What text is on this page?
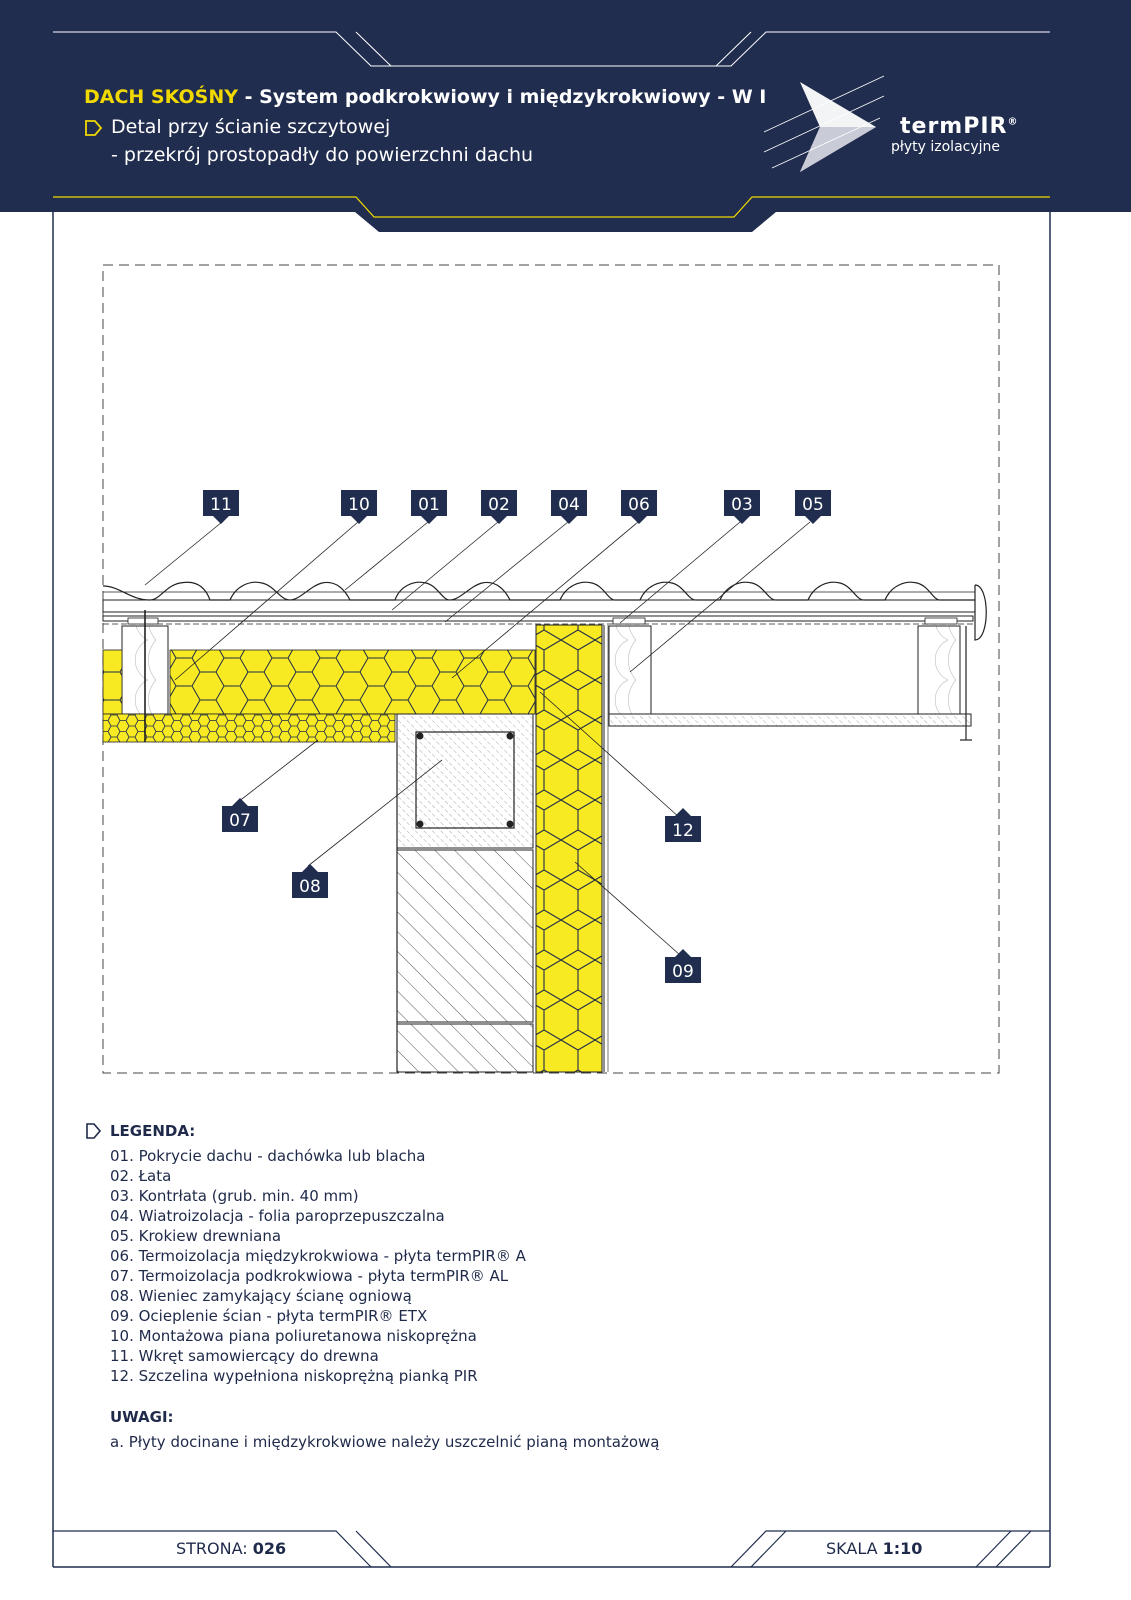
DACH SKOŚNY - System podkrokwiowy i międzykrokwiowy - W I
Detal przy ścianie szczytowej
- przekrój prostopadły do powierzchni dachu
termPIR®
płyty izolacyjne
11	10	01	02	04	06	03	05
07
08
12
09
LEGENDA:
01. Pokrycie dachu - dachówka lub blacha
02. Łata
03. Kontrłata (grub. min. 40 mm)
04. Wiatroizolacja - folia paroprzepuszczalna
05. Krokiew drewniana
06. Termoizolacja międzykrokwiowa - płyta termPIR® A
07. Termoizolacja podkrokwiowa - płyta termPIR® AL
08. Wieniec zamykający ścianę ogniową
09. Ocieplenie ścian - płyta termPIR® ETX
10. Montażowa piana poliuretanowa niskoprężna
11. Wkręt samowiercący do drewna
12. Szczelina wypełniona niskoprężną pianką PIR
UWAGI:
a. Płyty docinane i międzykrokwiowe należy uszczelnić pianą montażową
STRONA: 026	SKALA 1:10
